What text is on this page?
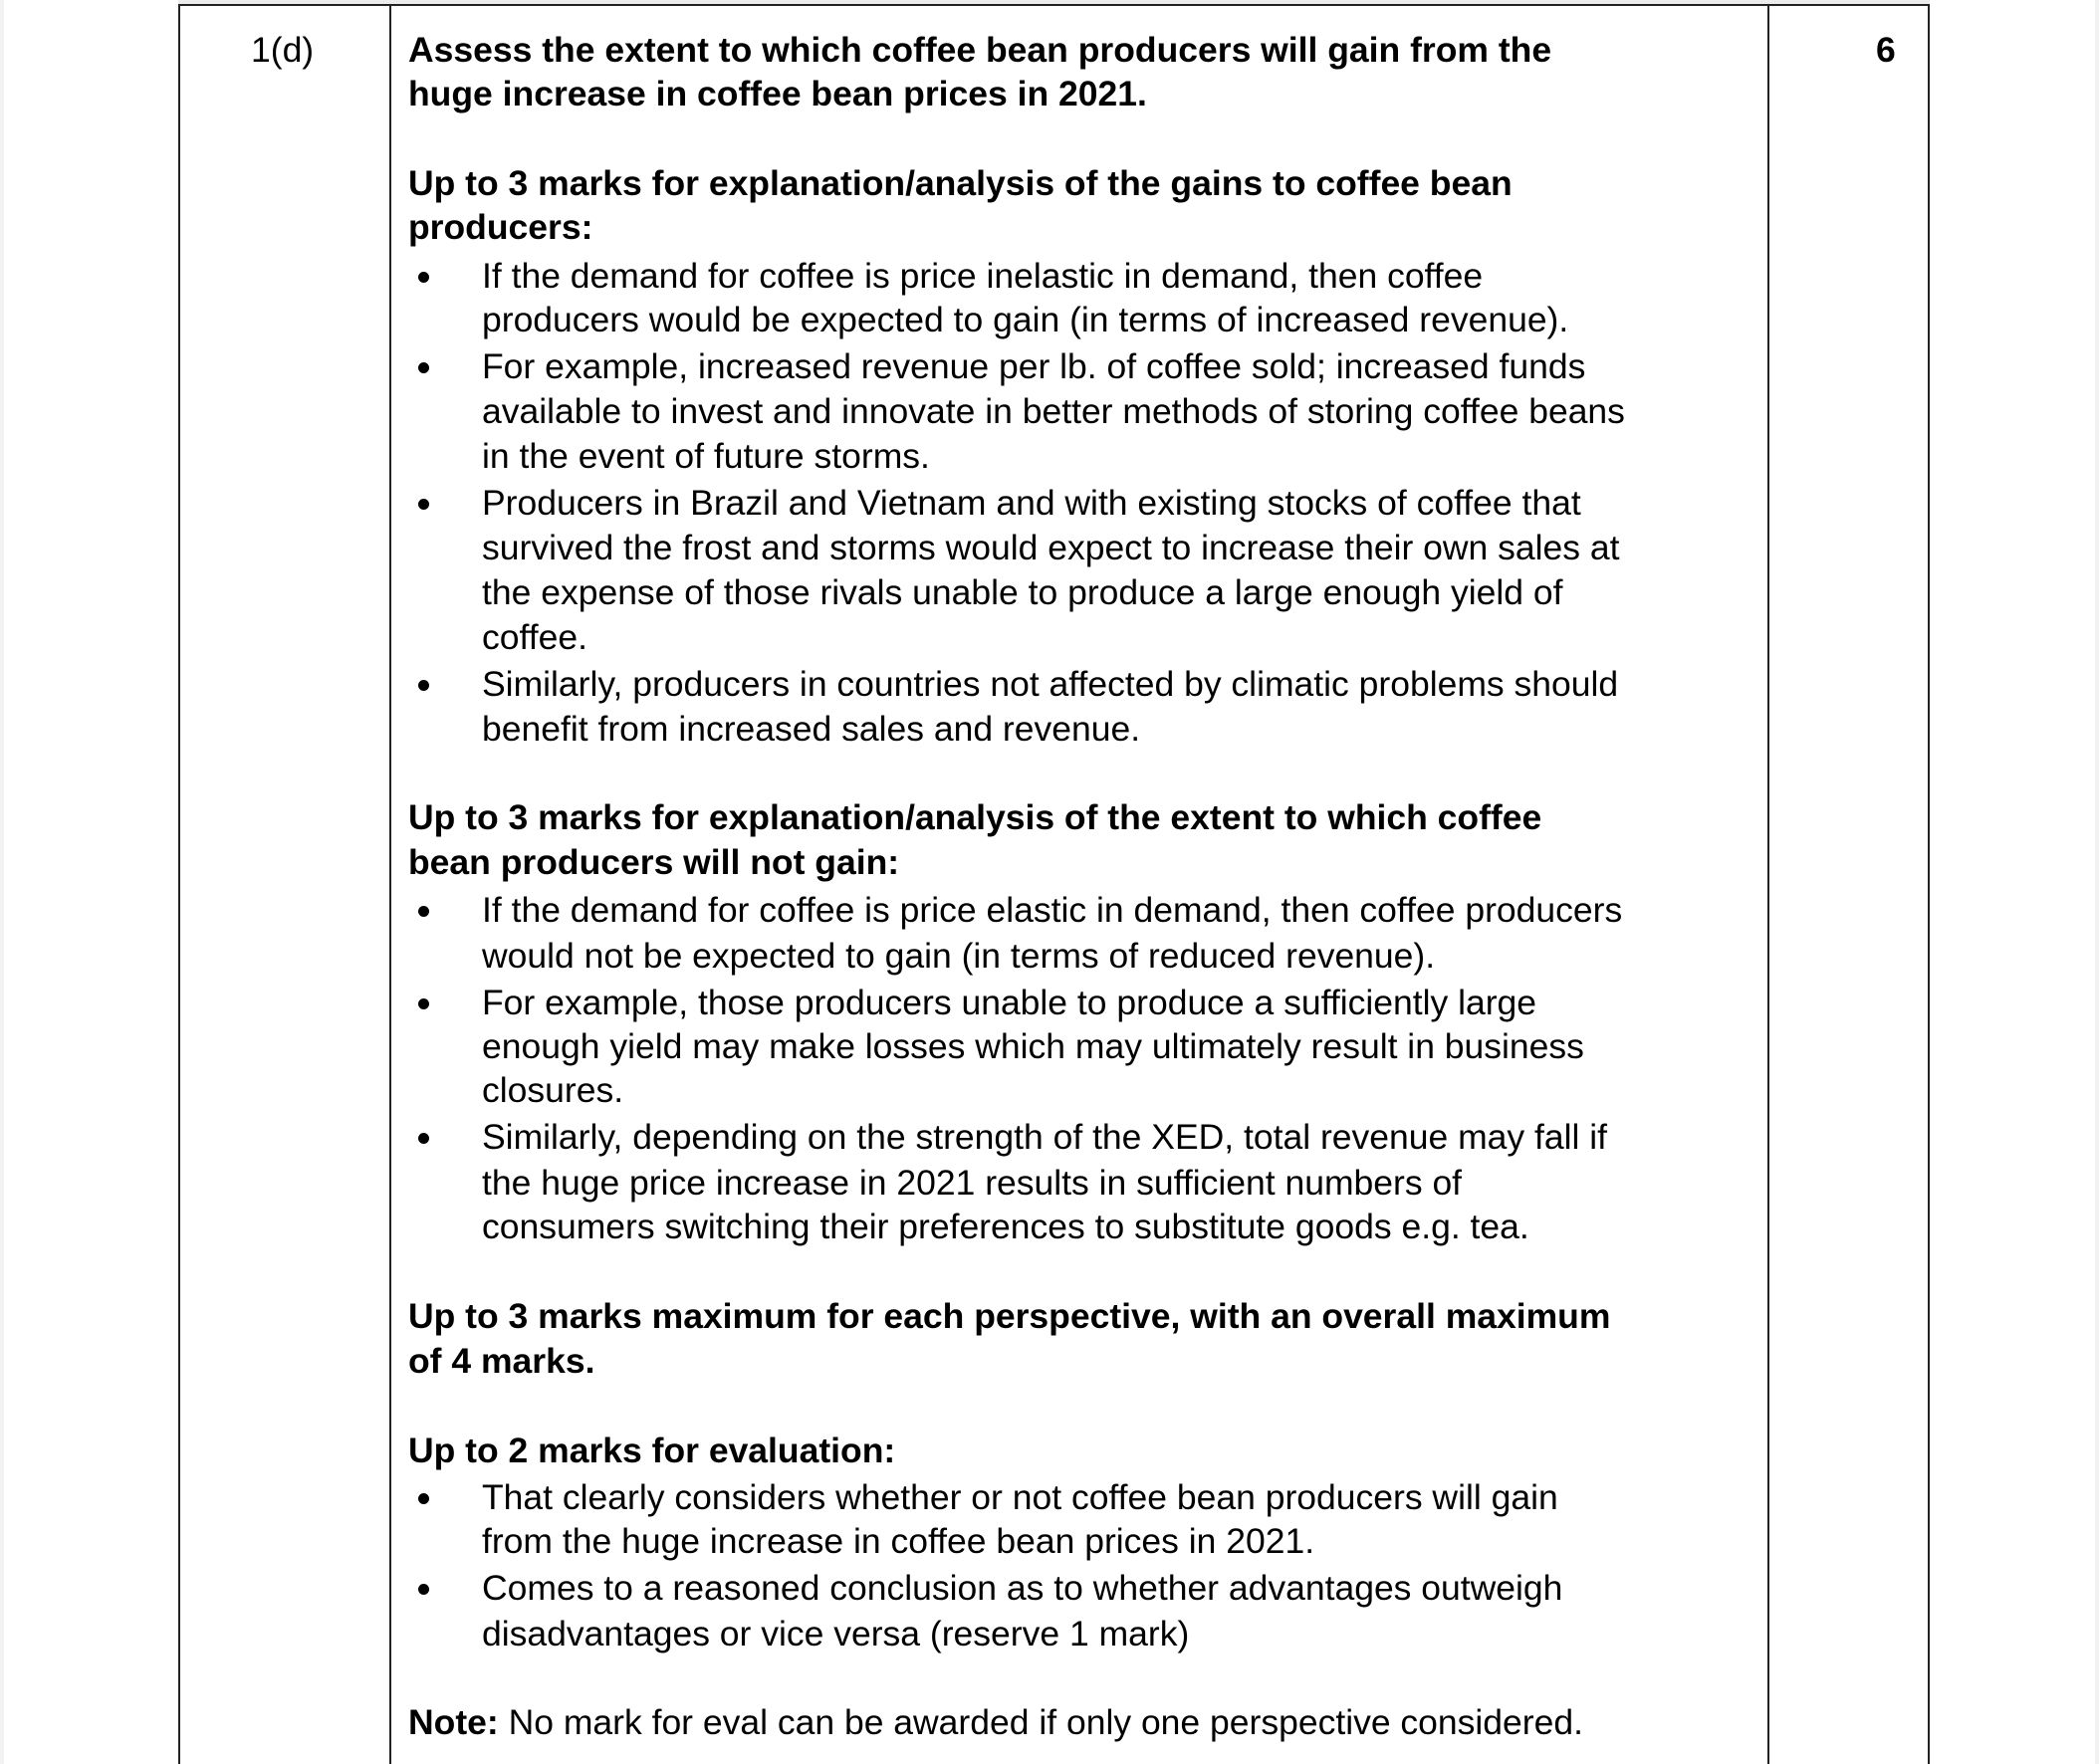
1(d)	6
Assess the extent to which coffee bean producers will gain from the
huge increase in coffee bean prices in 2021.
Up to 3 marks for explanation/analysis of the gains to coffee bean
producers:
If the demand for coffee is price inelastic in demand, then coffee
producers would be expected to gain (in terms of increased revenue).
For example, increased revenue per lb. of coffee sold; increased funds
available to invest and innovate in better methods of storing coffee beans
in the event of future storms.
Producers in Brazil and Vietnam and with existing stocks of coffee that
survived the frost and storms would expect to increase their own sales at
the expense of those rivals unable to produce a large enough yield of
coffee.
Similarly, producers in countries not affected by climatic problems should
benefit from increased sales and revenue.
Up to 3 marks for explanation/analysis of the extent to which coffee
bean producers will not gain:
If the demand for coffee is price elastic in demand, then coffee producers
would not be expected to gain (in terms of reduced revenue).
For example, those producers unable to produce a sufficiently large
enough yield may make losses which may ultimately result in business
closures.
Similarly, depending on the strength of the XED, total revenue may fall if
the huge price increase in 2021 results in sufficient numbers of
consumers switching their preferences to substitute goods e.g. tea.
Up to 3 marks maximum for each perspective, with an overall maximum
of 4 marks.
Up to 2 marks for evaluation:
That clearly considers whether or not coffee bean producers will gain
from the huge increase in coffee bean prices in 2021.
Comes to a reasoned conclusion as to whether advantages outweigh
disadvantages or vice versa (reserve 1 mark)
Note: No mark for eval can be awarded if only one perspective considered.
